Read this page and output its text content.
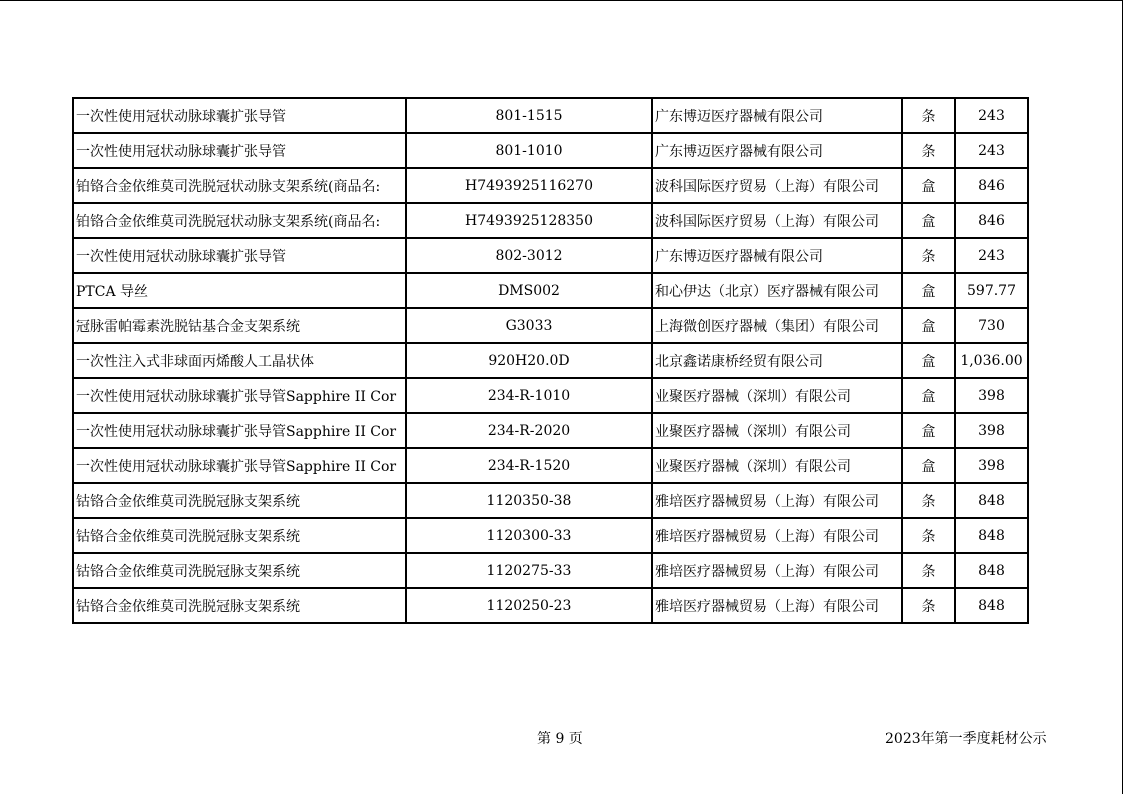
一次性使用冠状动脉球囊扩张导管	801-1515	广东博迈医疗器械有限公司	条	243
一次性使用冠状动脉球囊扩张导管	801-1010	广东博迈医疗器械有限公司	条	243
铂铬合金依维莫司洗脱冠状动脉支架系统(商品名:	H7493925116270	波科国际医疗贸易（上海）有限公司	盒	846
铂铬合金依维莫司洗脱冠状动脉支架系统(商品名:	H7493925128350	波科国际医疗贸易（上海）有限公司	盒	846
一次性使用冠状动脉球囊扩张导管	802-3012	广东博迈医疗器械有限公司	条	243
PTCA 导丝	DMS002	和心伊达（北京）医疗器械有限公司	盒	597.77
冠脉雷帕霉素洗脱钴基合金支架系统	G3033	上海微创医疗器械（集团）有限公司	盒	730
一次性注入式非球面丙烯酸人工晶状体	920H20.0D	北京鑫诺康桥经贸有限公司	盒	1,036.00
一次性使用冠状动脉球囊扩张导管Sapphire II Cor	234-R-1010	业聚医疗器械（深圳）有限公司	盒	398
一次性使用冠状动脉球囊扩张导管Sapphire II Cor	234-R-2020	业聚医疗器械（深圳）有限公司	盒	398
一次性使用冠状动脉球囊扩张导管Sapphire II Cor	234-R-1520	业聚医疗器械（深圳）有限公司	盒	398
钴铬合金依维莫司洗脱冠脉支架系统	1120350-38	雅培医疗器械贸易（上海）有限公司	条	848
钴铬合金依维莫司洗脱冠脉支架系统	1120300-33	雅培医疗器械贸易（上海）有限公司	条	848
钴铬合金依维莫司洗脱冠脉支架系统	1120275-33	雅培医疗器械贸易（上海）有限公司	条	848
钴铬合金依维莫司洗脱冠脉支架系统	1120250-23	雅培医疗器械贸易（上海）有限公司	条	848
第 9 页	2023年第一季度耗材公示
